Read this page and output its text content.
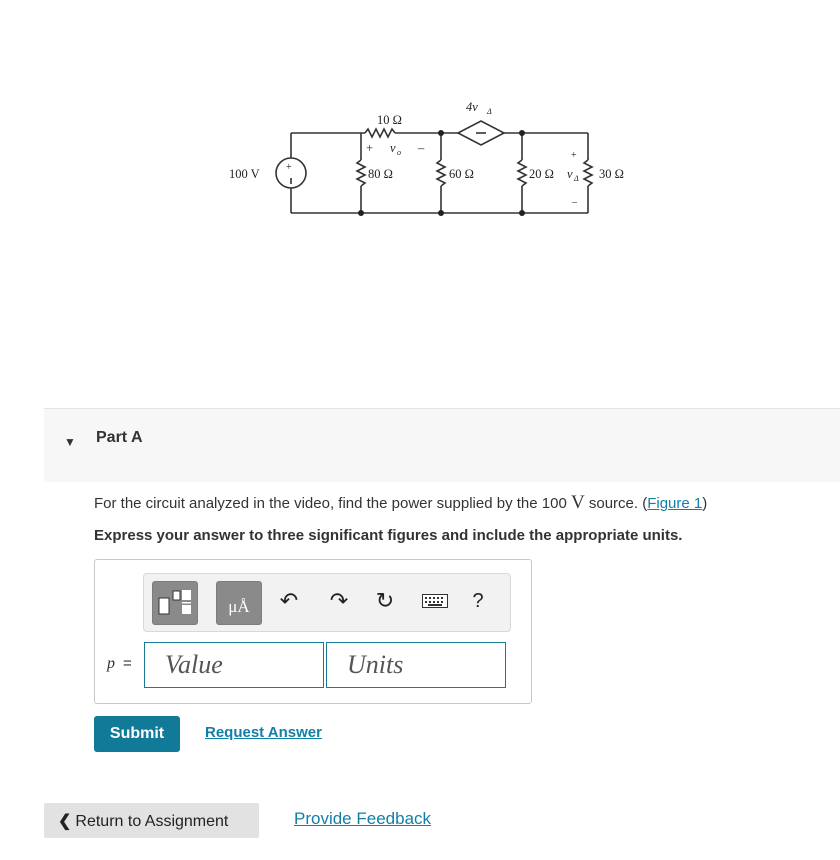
10 Ω
+ v o –
4v Δ
+
100 V	80 Ω	60 Ω	20 Ω v Δ
+
–
30 Ω
▼ Part A
For the circuit analyzed in the video, find the power supplied by the 100 V source. (Figure 1)
Express your answer to three significant figures and include the appropriate units.
μÅ ↶ ↷ ↻	?
p =
Value
Units
Submit	Request Answer
❮ Return to Assignment	Provide Feedback
